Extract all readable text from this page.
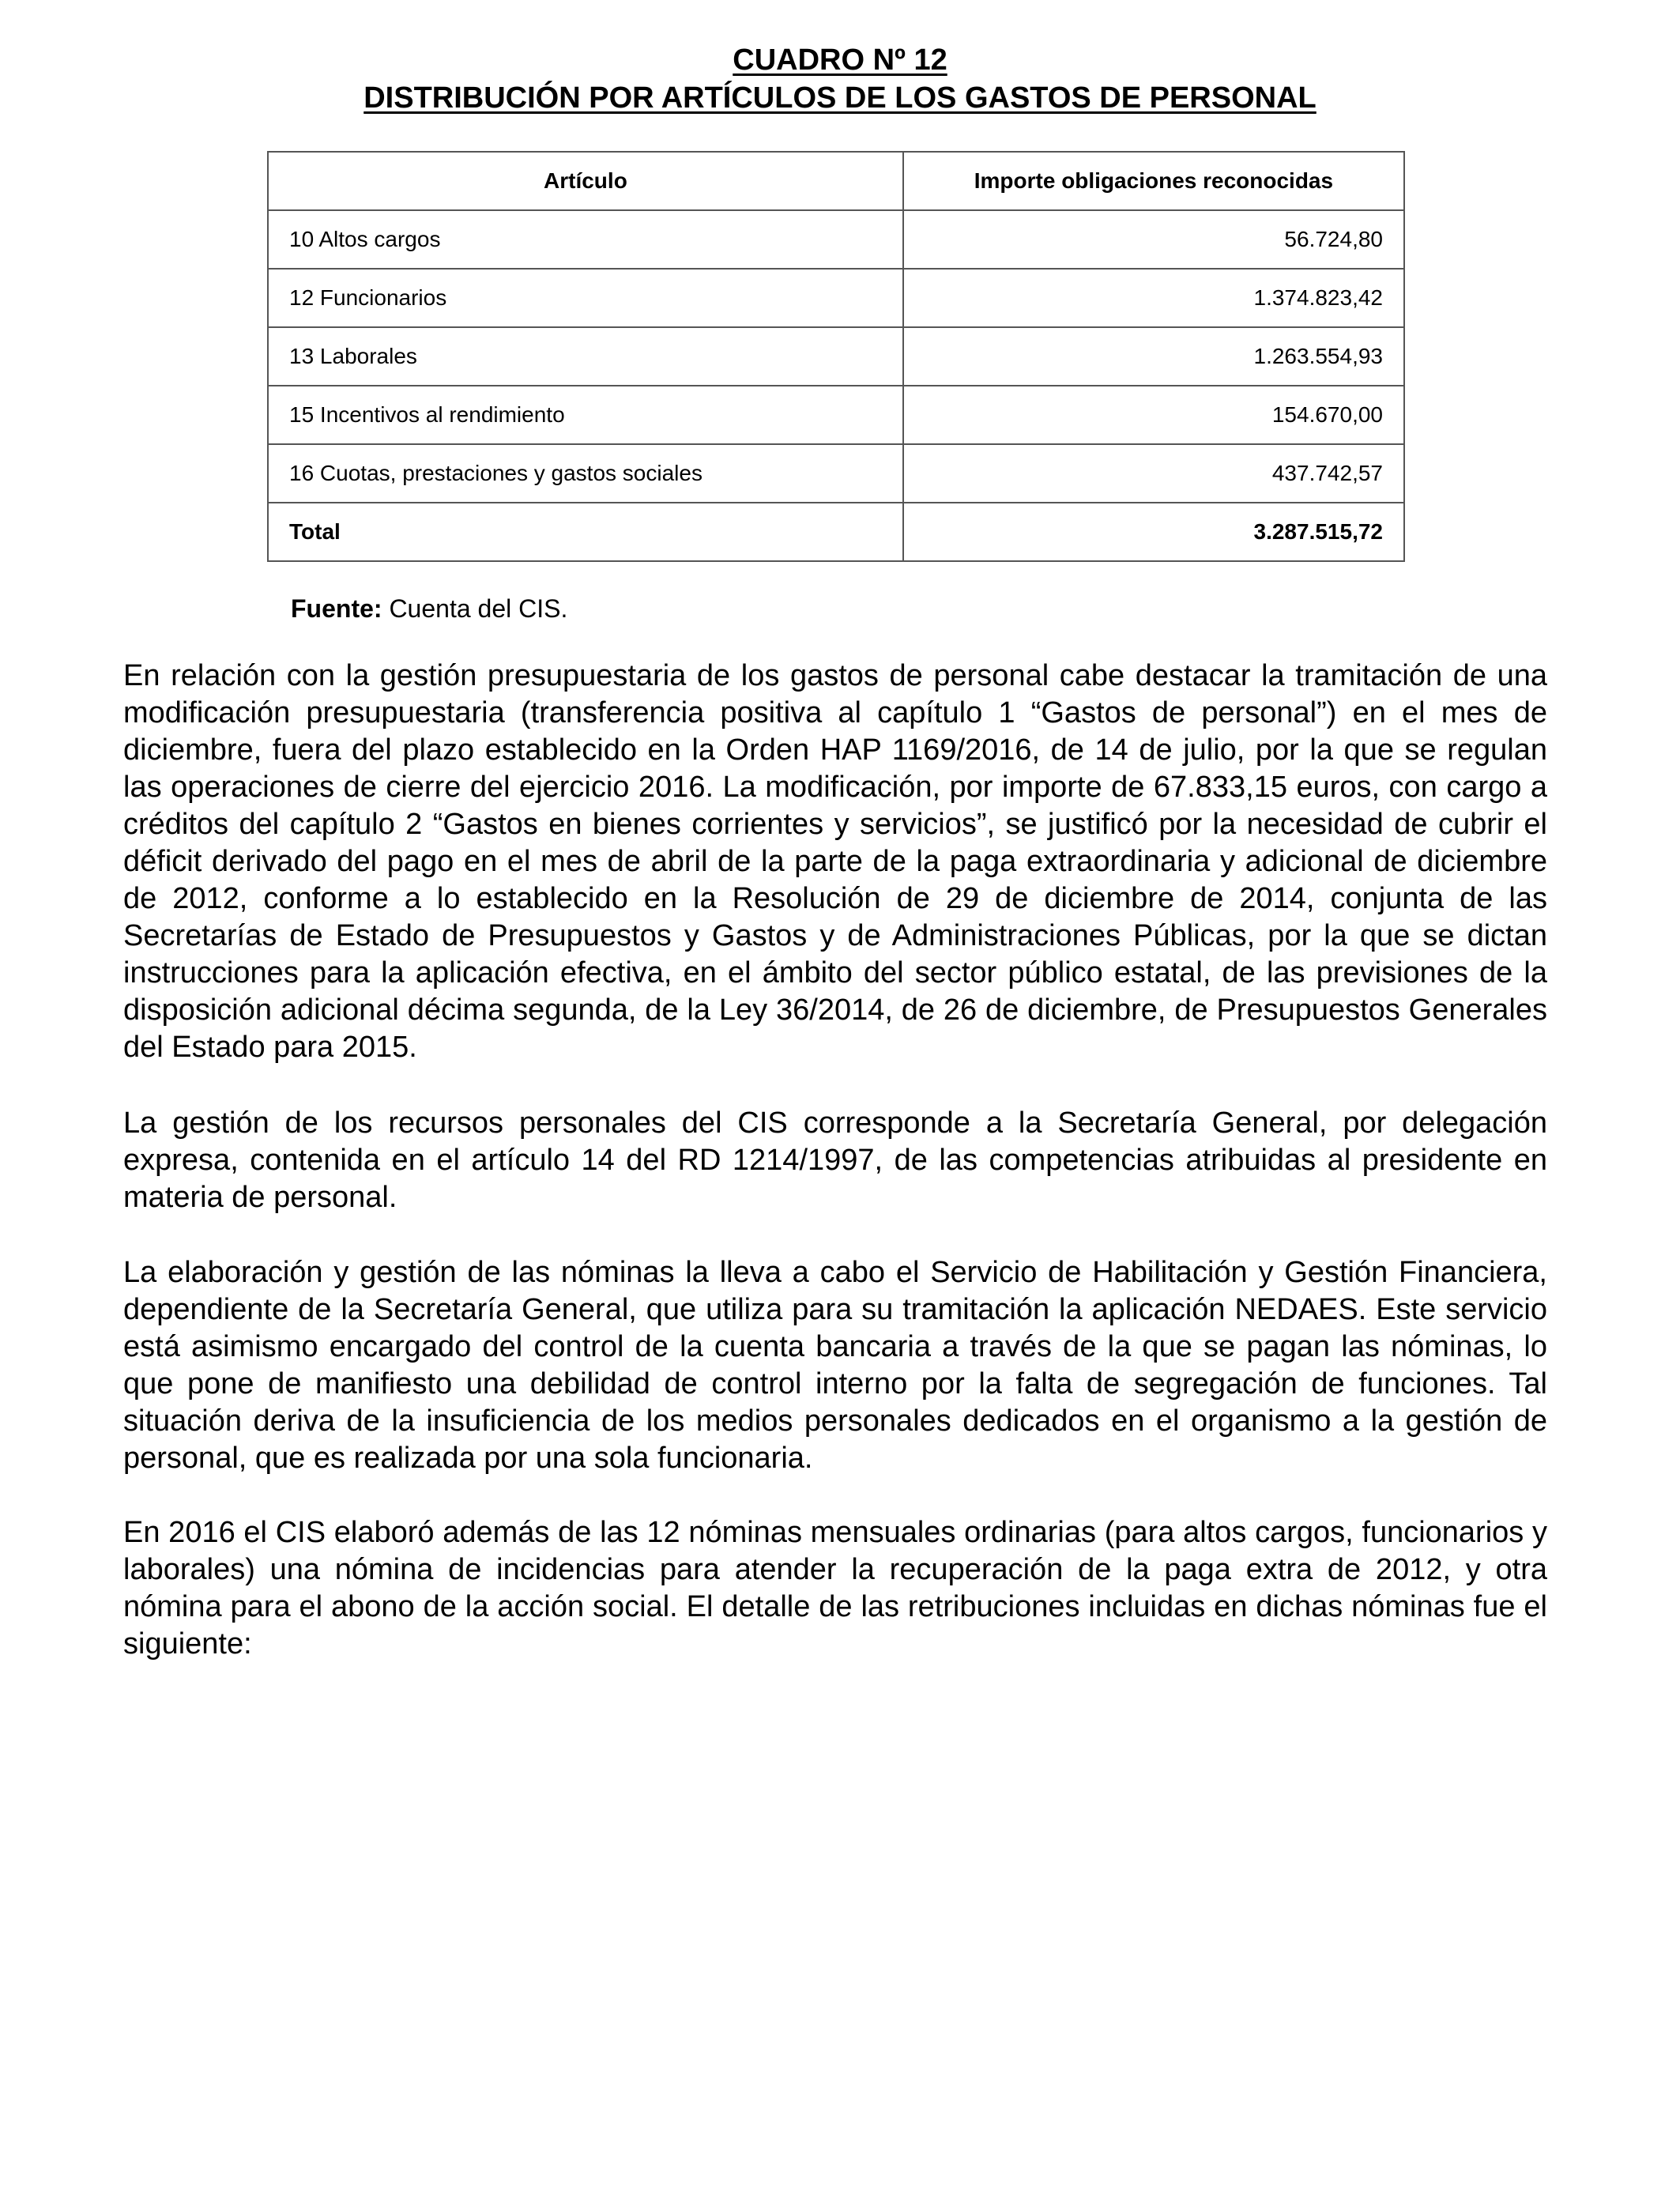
CUADRO Nº 12
DISTRIBUCIÓN POR ARTÍCULOS DE LOS GASTOS DE PERSONAL
Artículo	Importe obligaciones reconocidas
10 Altos cargos	56.724,80
12 Funcionarios	1.374.823,42
13 Laborales	1.263.554,93
15 Incentivos al rendimiento	154.670,00
16 Cuotas, prestaciones y gastos sociales	437.742,57
Total	3.287.515,72
Fuente: Cuenta del CIS.

En relación con la gestión presupuestaria de los gastos de personal cabe destacar la tramitación de una modificación presupuestaria (transferencia positiva al capítulo 1 “Gastos de personal”) en el mes de diciembre, fuera del plazo establecido en la Orden HAP 1169/2016, de 14 de julio, por la que se regulan las operaciones de cierre del ejercicio 2016. La modificación, por importe de 67.833,15 euros, con cargo a créditos del capítulo 2 “Gastos en bienes corrientes y servicios”, se justificó por la necesidad de cubrir el déficit derivado del pago en el mes de abril de la parte de la paga extraordinaria y adicional de diciembre de 2012, conforme a lo establecido en la Resolución de 29 de diciembre de 2014, conjunta de las Secretarías de Estado de Presupuestos y Gastos y de Administraciones Públicas, por la que se dictan instrucciones para la aplicación efectiva, en el ámbito del sector público estatal, de las previsiones de la disposición adicional décima segunda, de la Ley 36/2014, de 26 de diciembre, de Presupuestos Generales del Estado para 2015.

La gestión de los recursos personales del CIS corresponde a la Secretaría General, por delegación expresa, contenida en el artículo 14 del RD 1214/1997, de las competencias atribuidas al presidente en materia de personal.

La elaboración y gestión de las nóminas la lleva a cabo el Servicio de Habilitación y Gestión Financiera, dependiente de la Secretaría General, que utiliza para su tramitación la aplicación NEDAES. Este servicio está asimismo encargado del control de la cuenta bancaria a través de la que se pagan las nóminas, lo que pone de manifiesto una debilidad de control interno por la falta de segregación de funciones. Tal situación deriva de la insuficiencia de los medios personales dedicados en el organismo a la gestión de personal, que es realizada por una sola funcionaria.

En 2016 el CIS elaboró además de las 12 nóminas mensuales ordinarias (para altos cargos, funcionarios y laborales) una nómina de incidencias para atender la recuperación de la paga extra de 2012, y otra nómina para el abono de la acción social. El detalle de las retribuciones incluidas en dichas nóminas fue el siguiente:
